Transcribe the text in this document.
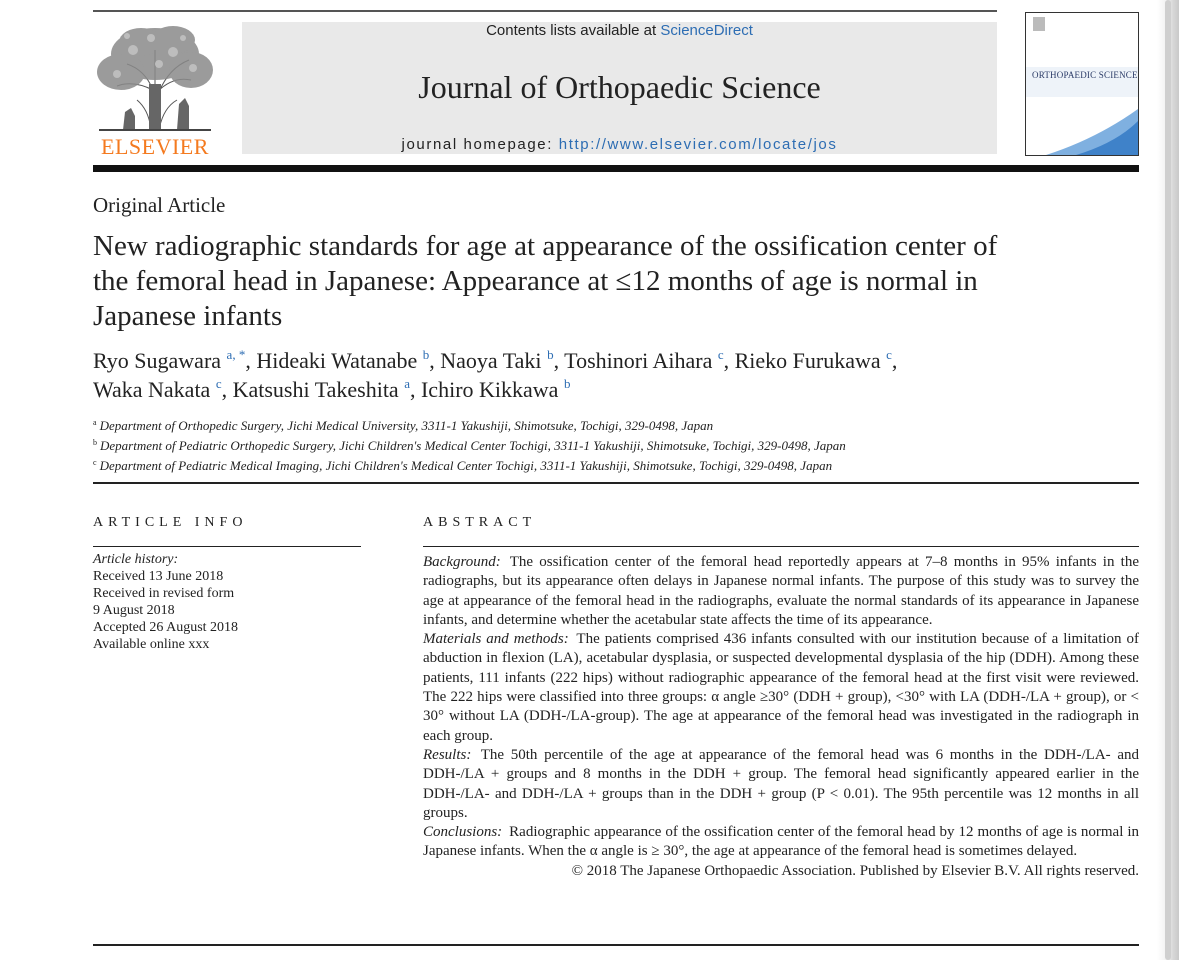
ELSEVIER
Contents lists available at ScienceDirect
Journal of Orthopaedic Science
journal homepage: http://www.elsevier.com/locate/jos
ORTHOPAEDIC SCIENCE
Original Article
New radiographic standards for age at appearance of the ossification center of the femoral head in Japanese: Appearance at ≤12 months of age is normal in Japanese infants
Ryo Sugawara $^{a, *}$, Hideaki Watanabe $^b$, Naoya Taki $^b$, Toshinori Aihara $^c$, Rieko Furukawa $^c$,
Waka Nakata $^c$, Katsushi Takeshita $^a$, Ichiro Kikkawa $^b$
$^a$ Department of Orthopedic Surgery, Jichi Medical University, 3311-1 Yakushiji, Shimotsuke, Tochigi, 329-0498, Japan
$^b$ Department of Pediatric Orthopedic Surgery, Jichi Children's Medical Center Tochigi, 3311-1 Yakushiji, Shimotsuke, Tochigi, 329-0498, Japan
$^c$ Department of Pediatric Medical Imaging, Jichi Children's Medical Center Tochigi, 3311-1 Yakushiji, Shimotsuke, Tochigi, 329-0498, Japan
ARTICLE INFO	ABSTRACT
Article history:
Received 13 June 2018
Received in revised form
9 August 2018
Accepted 26 August 2018
Available online xxx

Background: The ossification center of the femoral head reportedly appears at 7–8 months in 95% infants in the radiographs, but its appearance often delays in Japanese normal infants. The purpose of this study was to survey the age at appearance of the femoral head in the radiographs, evaluate the normal standards of its appearance in Japanese infants, and determine whether the acetabular state affects the time of its appearance.

Materials and methods: The patients comprised 436 infants consulted with our institution because of a limitation of abduction in flexion (LA), acetabular dysplasia, or suspected developmental dysplasia of the hip (DDH). Among these patients, 111 infants (222 hips) without radiographic appearance of the femoral head at the first visit were reviewed. The 222 hips were classified into three groups: α angle ≥30° (DDH + group), <30° with LA (DDH-/LA + group), or < 30° without LA (DDH-/LA-group). The age at appearance of the femoral head was investigated in the radiograph in each group.

Results: The 50th percentile of the age at appearance of the femoral head was 6 months in the DDH-/LA- and DDH-/LA + groups and 8 months in the DDH + group. The femoral head significantly appeared earlier in the DDH-/LA- and DDH-/LA + groups than in the DDH + group (P < 0.01). The 95th percentile was 12 months in all groups.

Conclusions: Radiographic appearance of the ossification center of the femoral head by 12 months of age is normal in Japanese infants. When the α angle is ≥ 30°, the age at appearance of the femoral head is sometimes delayed.

© 2018 The Japanese Orthopaedic Association. Published by Elsevier B.V. All rights reserved.
